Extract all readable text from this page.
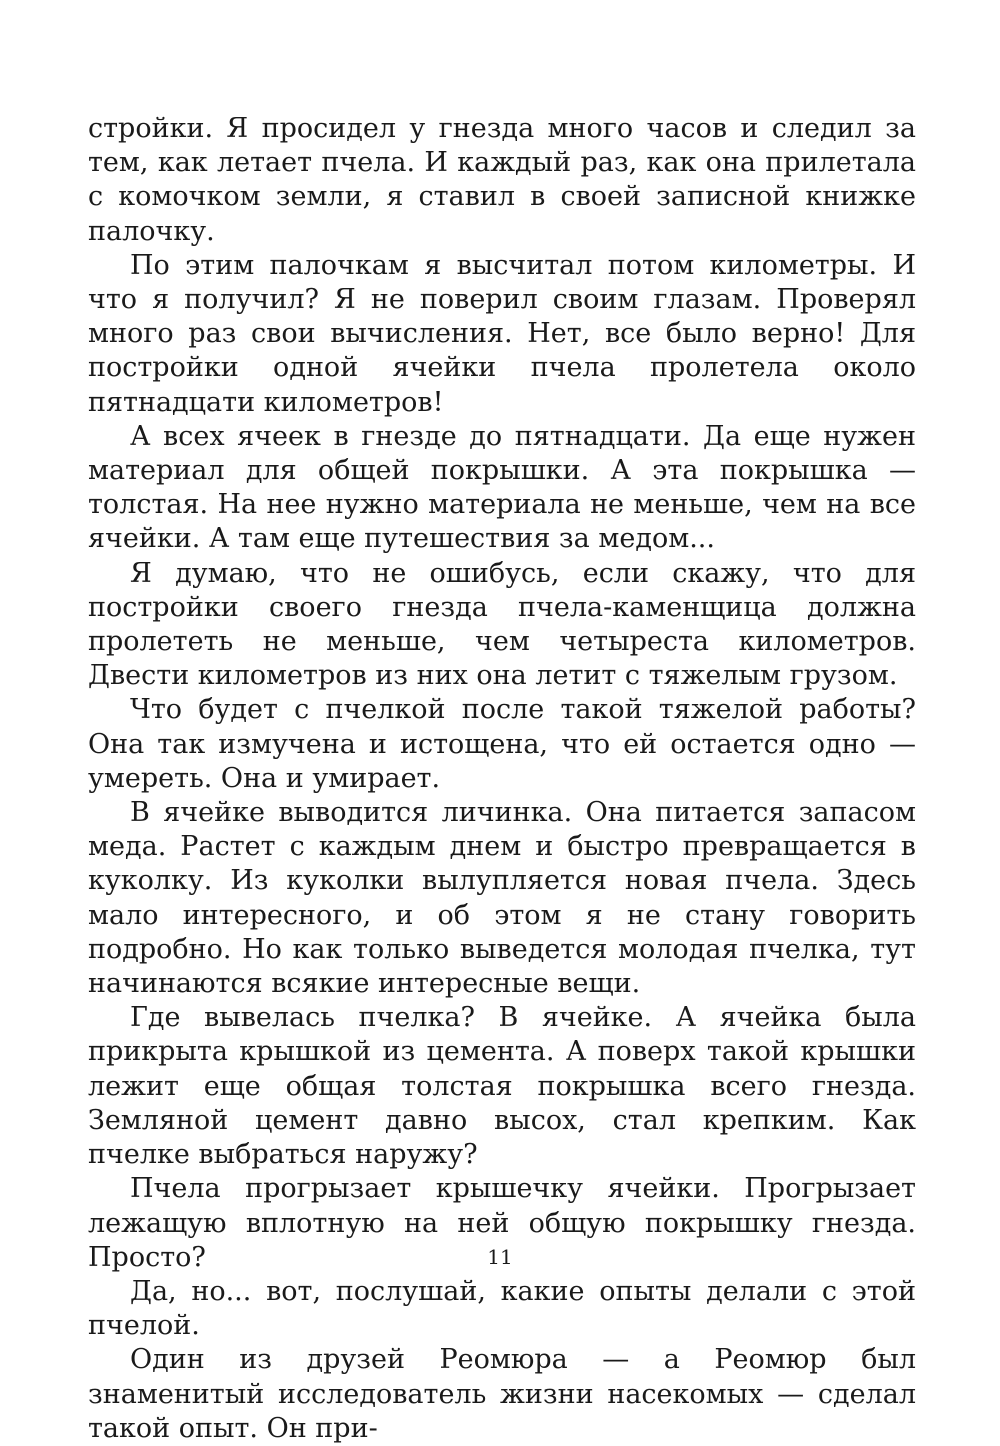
стройки. Я просидел у гнезда много часов и следил за тем, как летает пчела. И каждый раз, как она прилетала с комочком земли, я ставил в своей записной книжке палочку.

По этим палочкам я высчитал потом километры. И что я получил? Я не поверил своим глазам. Проверял много раз свои вычисления. Нет, все было верно! Для постройки одной ячейки пчела пролетела около пятнадцати километров!

А всех ячеек в гнезде до пятнадцати. Да еще нужен материал для общей покрышки. А эта покрышка — толстая. На нее нужно материала не меньше, чем на все ячейки. А там еще путешествия за медом...

Я думаю, что не ошибусь, если скажу, что для постройки своего гнезда пчела-каменщица должна пролететь не меньше, чем четыреста километров. Двести километров из них она летит с тяжелым грузом.

Что будет с пчелкой после такой тяжелой работы? Она так измучена и истощена, что ей остается одно — умереть. Она и умирает.

В ячейке выводится личинка. Она питается запасом меда. Растет с каждым днем и быстро превращается в куколку. Из куколки вылупляется новая пчела. Здесь мало интересного, и об этом я не стану говорить подробно. Но как только выведется молодая пчелка, тут начинаются всякие интересные вещи.

Где вывелась пчелка? В ячейке. А ячейка была прикрыта крышкой из цемента. А поверх такой крышки лежит еще общая толстая покрышка всего гнезда. Земляной цемент давно высох, стал крепким. Как пчелке выбраться наружу?

Пчела прогрызает крышечку ячейки. Прогрызает лежащую вплотную на ней общую покрышку гнезда. Просто?

Да, но... вот, послушай, какие опыты делали с этой пчелой.

Один из друзей Реомюра — а Реомюр был знаменитый исследователь жизни насекомых — сделал такой опыт. Он при-

11
